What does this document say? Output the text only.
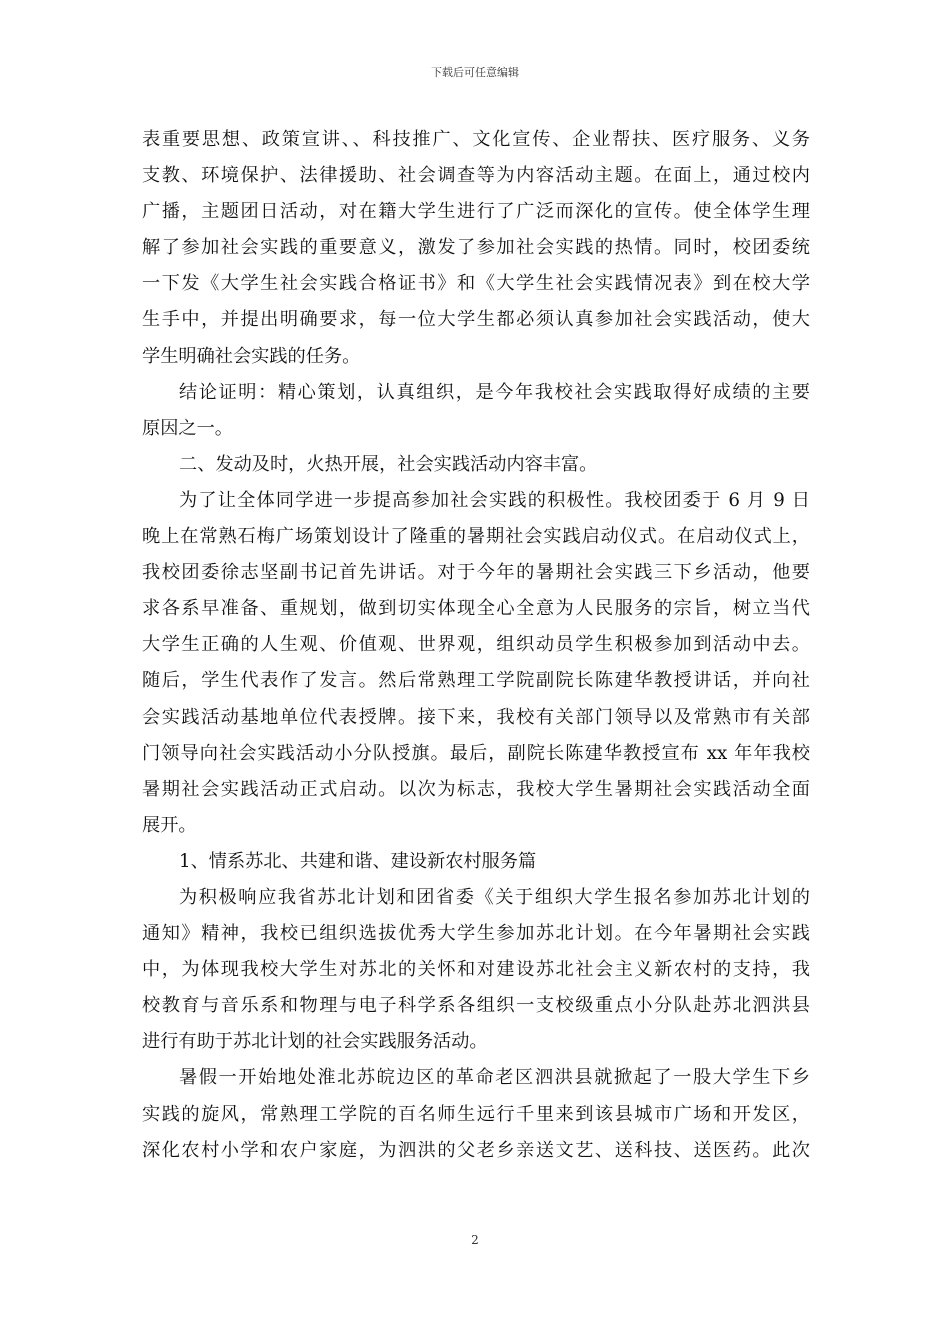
下载后可任意编辑
表重要思想、政策宣讲、、科技推广、文化宣传、企业帮扶、医疗服务、义务
支教、环境保护、法律援助、社会调查等为内容活动主题。在面上，通过校内
广播，主题团日活动，对在籍大学生进行了广泛而深化的宣传。使全体学生理
解了参加社会实践的重要意义，激发了参加社会实践的热情。同时，校团委统
一下发《大学生社会实践合格证书》和《大学生社会实践情况表》到在校大学
生手中，并提出明确要求，每一位大学生都必须认真参加社会实践活动，使大
学生明确社会实践的任务。
结论证明：精心策划，认真组织，是今年我校社会实践取得好成绩的主要
原因之一。
二、发动及时，火热开展，社会实践活动内容丰富。
为了让全体同学进一步提高参加社会实践的积极性。我校团委于 6 月 9 日
晚上在常熟石梅广场策划设计了隆重的暑期社会实践启动仪式。在启动仪式上，
我校团委徐志坚副书记首先讲话。对于今年的暑期社会实践三下乡活动，他要
求各系早准备、重规划，做到切实体现全心全意为人民服务的宗旨，树立当代
大学生正确的人生观、价值观、世界观，组织动员学生积极参加到活动中去。
随后，学生代表作了发言。然后常熟理工学院副院长陈建华教授讲话，并向社
会实践活动基地单位代表授牌。接下来，我校有关部门领导以及常熟市有关部
门领导向社会实践活动小分队授旗。最后，副院长陈建华教授宣布 xx 年年我校
暑期社会实践活动正式启动。以次为标志，我校大学生暑期社会实践活动全面
展开。
1、情系苏北、共建和谐、建设新农村服务篇
为积极响应我省苏北计划和团省委《关于组织大学生报名参加苏北计划的
通知》精神，我校已组织选拔优秀大学生参加苏北计划。在今年暑期社会实践
中，为体现我校大学生对苏北的关怀和对建设苏北社会主义新农村的支持，我
校教育与音乐系和物理与电子科学系各组织一支校级重点小分队赴苏北泗洪县
进行有助于苏北计划的社会实践服务活动。
暑假一开始地处淮北苏皖边区的革命老区泗洪县就掀起了一股大学生下乡
实践的旋风，常熟理工学院的百名师生远行千里来到该县城市广场和开发区，
深化农村小学和农户家庭，为泗洪的父老乡亲送文艺、送科技、送医药。此次
2
